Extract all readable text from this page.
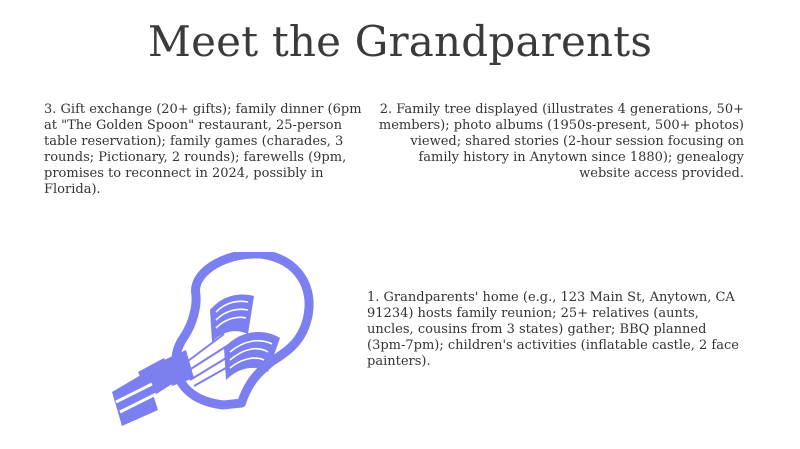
Meet the Grandparents
3. Gift exchange (20+ gifts); family dinner (6pm at "The Golden Spoon" restaurant, 25-person table reservation); family games (charades, 3 rounds; Pictionary, 2 rounds); farewells (9pm, promises to reconnect in 2024, possibly in Florida).
2. Family tree displayed (illustrates 4 generations, 50+ members); photo albums (1950s-present, 500+ photos) viewed; shared stories (2-hour session focusing on family history in Anytown since 1880); genealogy website access provided.
1. Grandparents' home (e.g., 123 Main St, Anytown, CA 91234) hosts family reunion; 25+ relatives (aunts, uncles, cousins from 3 states) gather; BBQ planned (3pm-7pm); children's activities (inflatable castle, 2 face painters).
